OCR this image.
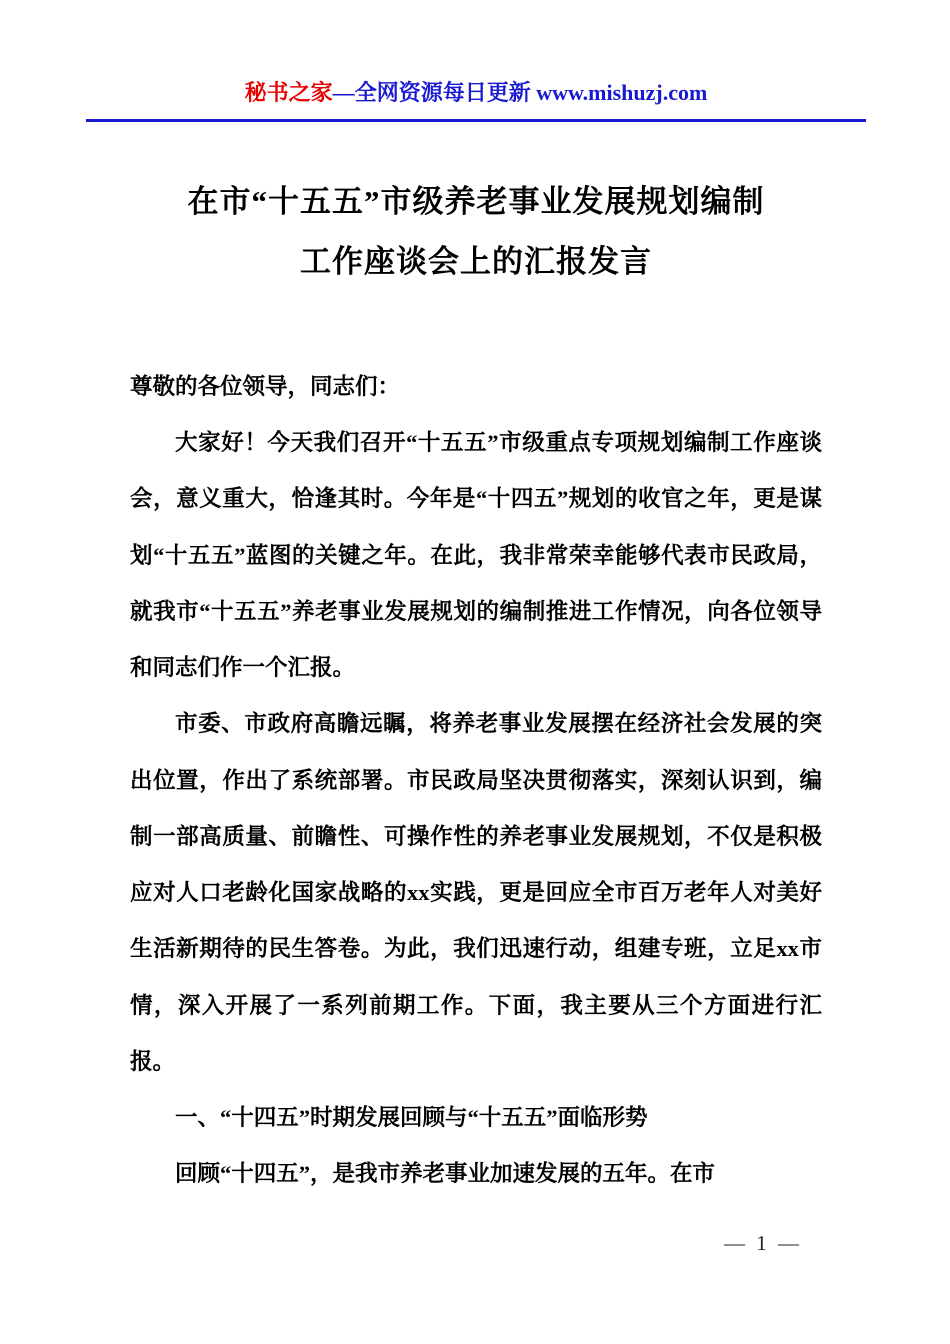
秘书之家—全网资源每日更新 www.mishuzj.com
在市“十五五”市级养老事业发展规划编制
工作座谈会上的汇报发言

尊敬的各位领导，同志们：

大家好！今天我们召开“十五五”市级重点专项规划编制工作座谈会，意义重大，恰逢其时。今年是“十四五”规划的收官之年，更是谋划“十五五”蓝图的关键之年。在此，我非常荣幸能够代表市民政局，就我市“十五五”养老事业发展规划的编制推进工作情况，向各位领导和同志们作一个汇报。

市委、市政府高瞻远瞩，将养老事业发展摆在经济社会发展的突出位置，作出了系统部署。市民政局坚决贯彻落实，深刻认识到，编制一部高质量、前瞻性、可操作性的养老事业发展规划，不仅是积极应对人口老龄化国家战略的xx实践，更是回应全市百万老年人对美好生活新期待的民生答卷。为此，我们迅速行动，组建专班，立足xx市情，深入开展了一系列前期工作。下面，我主要从三个方面进行汇报。

一、“十四五”时期发展回顾与“十五五”面临形势

回顾“十四五”，是我市养老事业加速发展的五年。在市

— 1 —
